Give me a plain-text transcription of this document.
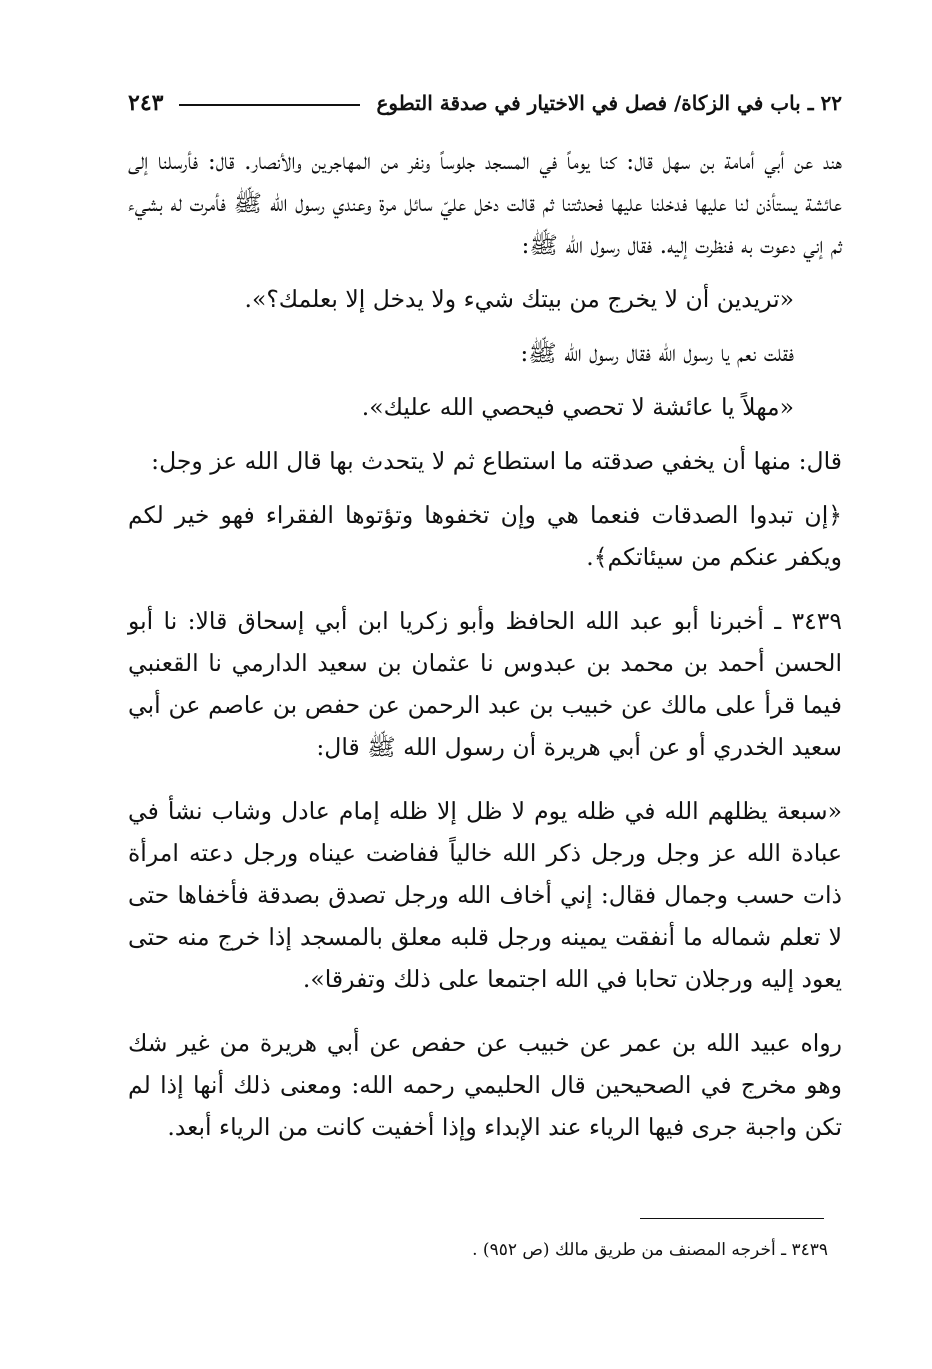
٢٢ ـ باب في الزكاة/ فصل في الاختيار في صدقة التطوع
٢٤٣

هند عن أبي أمامة بن سهل قال: كنا يوماً في المسجد جلوساً ونفر من المهاجرين والأنصار. قال: فأرسلنا إلى عائشة يستأذن لنا عليها فدخلنا عليها فحدثتنا ثم قالت دخل عليّ سائل مرة وعندي رسول الله ﷺ فأمرت له بشيء ثم إني دعوت به فنظرت إليه. فقال رسول الله ﷺ:

«تريدين أن لا يخرج من بيتك شيء ولا يدخل إلا بعلمك؟».

فقلت نعم يا رسول الله فقال رسول الله ﷺ:

«مهلاً يا عائشة لا تحصي فيحصي الله عليك».

قال: منها أن يخفي صدقته ما استطاع ثم لا يتحدث بها قال الله عز وجل:

﴿إن تبدوا الصدقات فنعما هي وإن تخفوها وتؤتوها الفقراء فهو خير لكم ويكفر عنكم من سيئاتكم﴾.

٣٤٣٩ ـ أخبرنا أبو عبد الله الحافظ وأبو زكريا ابن أبي إسحاق قالا: نا أبو الحسن أحمد بن محمد بن عبدوس نا عثمان بن سعيد الدارمي نا القعنبي فيما قرأ على مالك عن خبيب بن عبد الرحمن عن حفص بن عاصم عن أبي سعيد الخدري أو عن أبي هريرة أن رسول الله ﷺ قال:

«سبعة يظلهم الله في ظله يوم لا ظل إلا ظله إمام عادل وشاب نشأ في عبادة الله عز وجل ورجل ذكر الله خالياً ففاضت عيناه ورجل دعته امرأة ذات حسب وجمال فقال: إني أخاف الله ورجل تصدق بصدقة فأخفاها حتى لا تعلم شماله ما أنفقت يمينه ورجل قلبه معلق بالمسجد إذا خرج منه حتى يعود إليه ورجلان تحابا في الله اجتمعا على ذلك وتفرقا».

رواه عبيد الله بن عمر عن خبيب عن حفص عن أبي هريرة من غير شك وهو مخرج في الصحيحين قال الحليمي رحمه الله: ومعنى ذلك أنها إذا لم تكن واجبة جرى فيها الرياء عند الإبداء وإذا أخفيت كانت من الرياء أبعد.

٣٤٣٩ ـ أخرجه المصنف من طريق مالك (ص ٩٥٢) .
